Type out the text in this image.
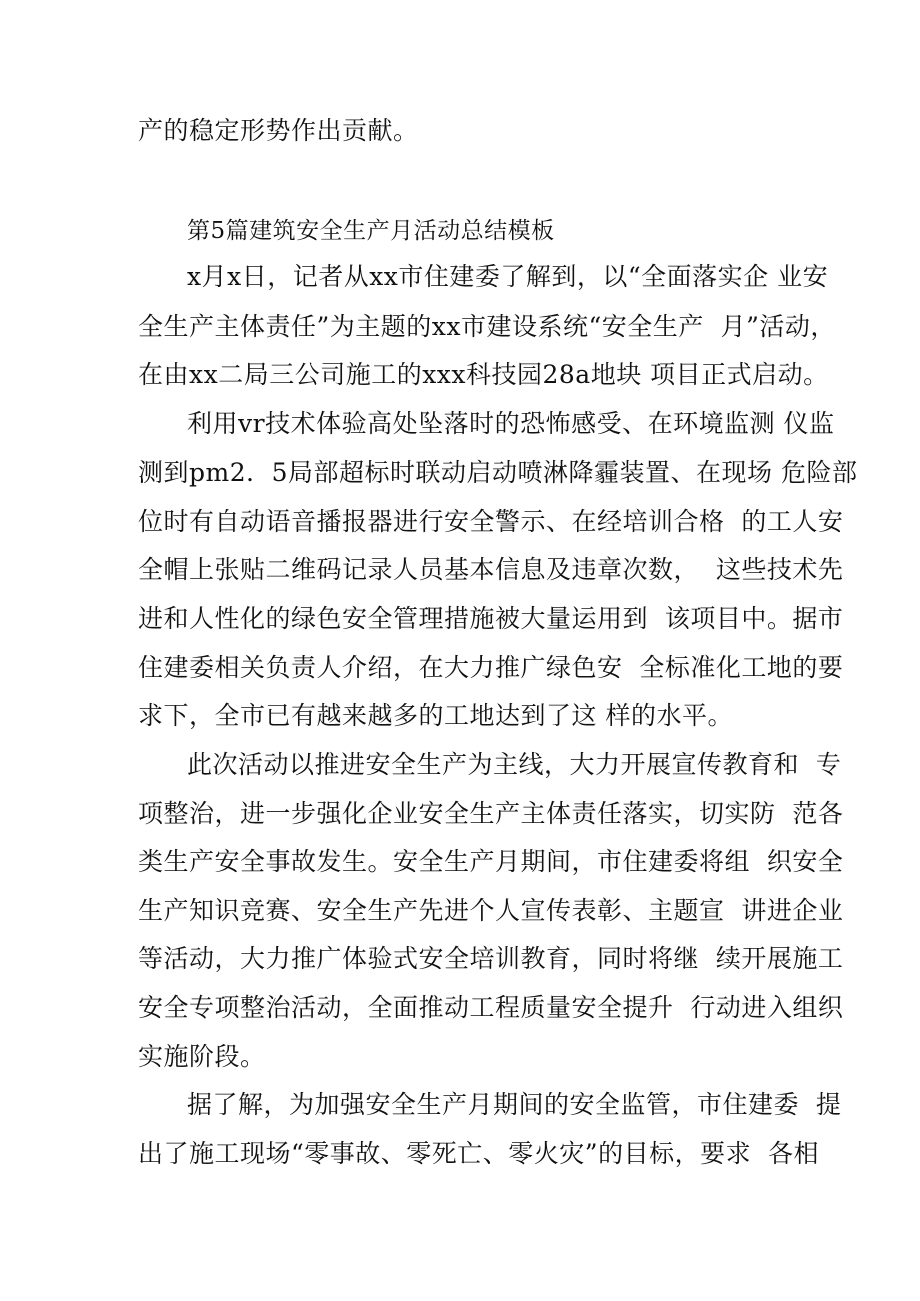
产的稳定形势作出贡献。
第5篇建筑安全生产月活动总结模板
x月x日，记者从xx市住建委了解到，以“全面落实企 业安
全生产主体责任”为主题的xx市建设系统“安全生产  月”活动，
在由xx二局三公司施工的xxx科技园28a地块 项目正式启动。
利用vr技术体验高处坠落时的恐怖感受、在环境监测 仪监
测到pm2．5局部超标时联动启动喷淋降霾装置、在现场 危险部
位时有自动语音播报器进行安全警示、在经培训合格  的工人安
全帽上张贴二维码记录人员基本信息及违章次数，  这些技术先
进和人性化的绿色安全管理措施被大量运用到  该项目中。据市
住建委相关负责人介绍，在大力推广绿色安  全标准化工地的要
求下，全市已有越来越多的工地达到了这 样的水平。
此次活动以推进安全生产为主线，大力开展宣传教育和  专
项整治，进一步强化企业安全生产主体责任落实，切实防  范各
类生产安全事故发生。安全生产月期间，市住建委将组  织安全
生产知识竞赛、安全生产先进个人宣传表彰、主题宣  讲进企业
等活动，大力推广体验式安全培训教育，同时将继  续开展施工
安全专项整治活动，全面推动工程质量安全提升  行动进入组织
实施阶段。
据了解，为加强安全生产月期间的安全监管，市住建委  提
出了施工现场“零事故、零死亡、零火灾”的目标，要求  各相
